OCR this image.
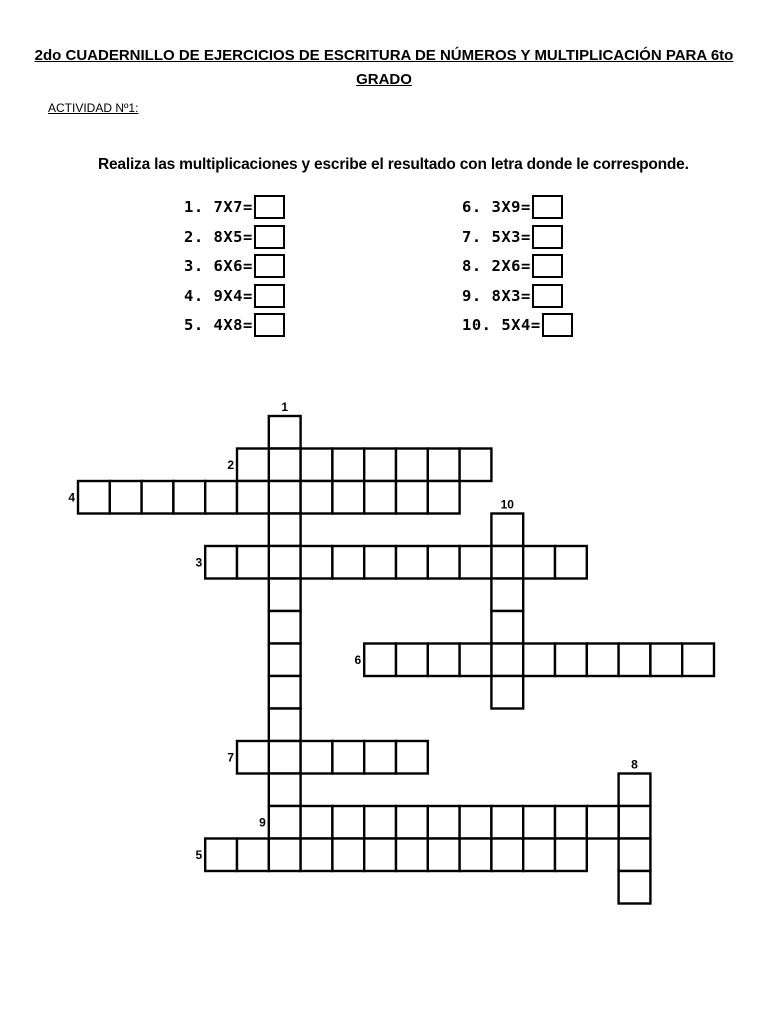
2do CUADERNILLO DE EJERCICIOS DE ESCRITURA DE NÚMEROS Y MULTIPLICACIÓN PARA 6to GRADO
ACTIVIDAD Nº1:
Realiza las multiplicaciones y escribe el resultado con letra donde le corresponde.
1. 7X7=
2. 8X5=
3. 6X6=
4. 9X4=
5. 4X8=
6. 3X9=
7. 5X3=
8. 2X6=
9. 8X3=
10. 5X4=
1
2
4
10
3
6
7
8
9
5
